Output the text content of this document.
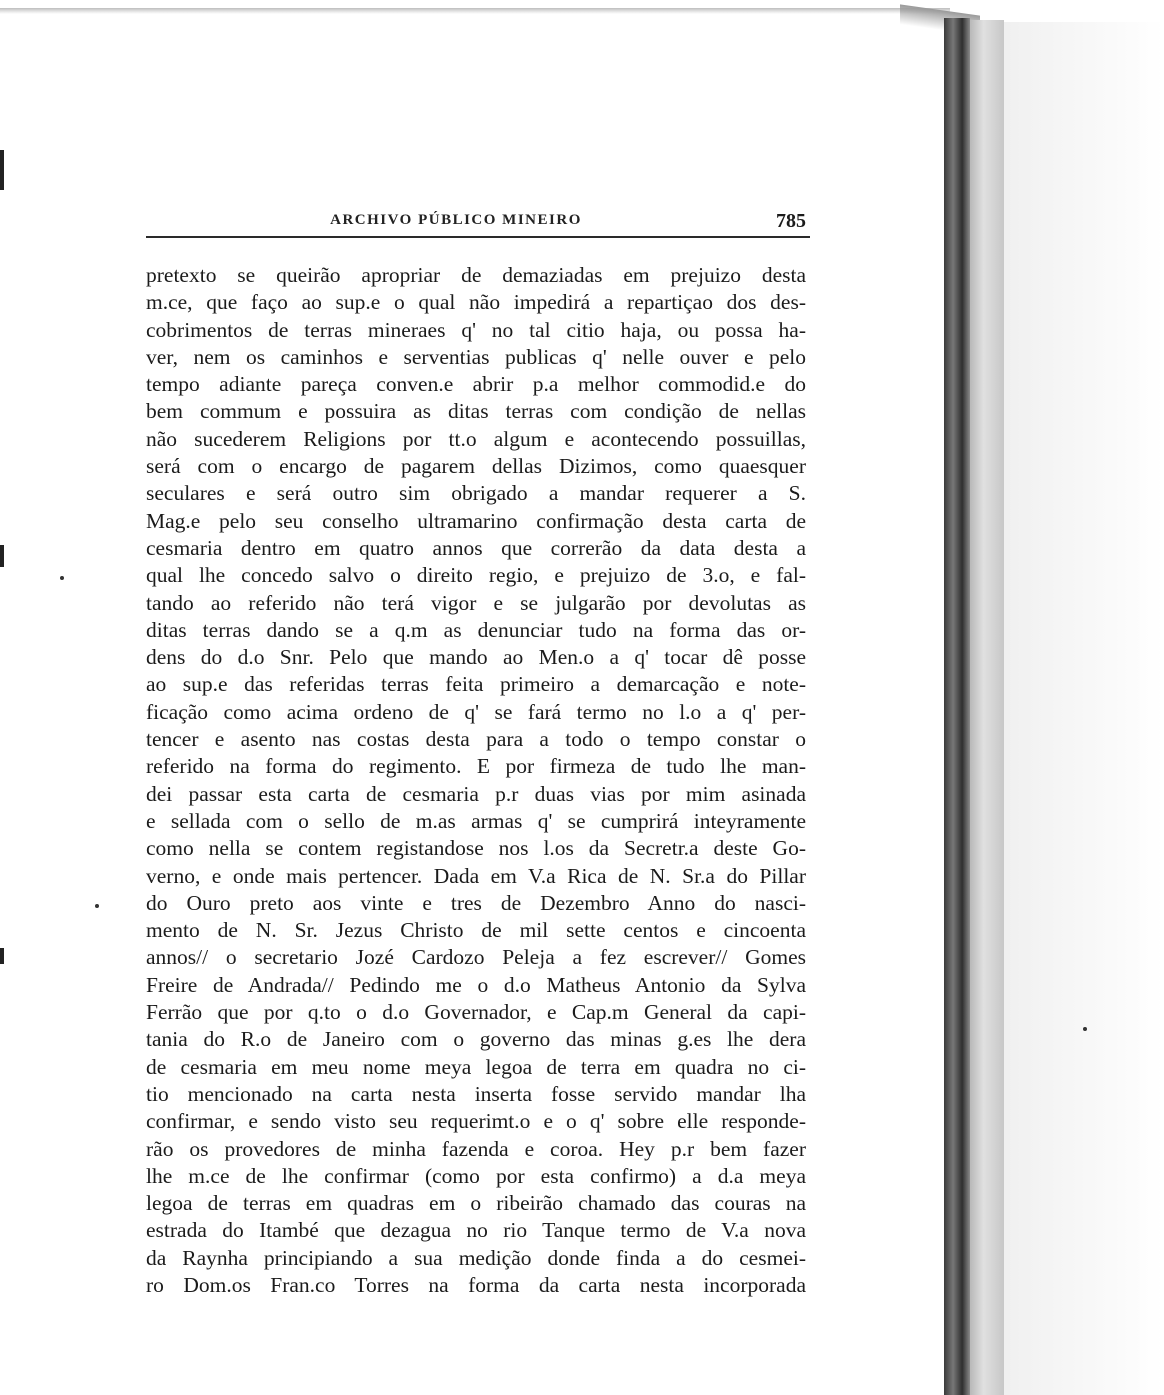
ARCHIVO PÚBLICO MINEIRO	785
pretexto se queirão apropriar de demaziadas em prejuizo desta
m.ce, que faço ao sup.e o qual não impedirá a repartiçao dos des-
cobrimentos de terras mineraes q' no tal citio haja, ou possa ha-
ver, nem os caminhos e serventias publicas q' nelle ouver e pelo
tempo adiante pareça conven.e abrir p.a melhor commodid.e do
bem commum e possuira as ditas terras com condição de nellas
não sucederem Religions por tt.o algum e acontecendo possuillas,
será com o encargo de pagarem dellas Dizimos, como quaesquer
seculares e será outro sim obrigado a mandar requerer a S.
Mag.e pelo seu conselho ultramarino confirmação desta carta de
cesmaria dentro em quatro annos que correrão da data desta a
qual lhe concedo salvo o direito regio, e prejuizo de 3.o, e fal-
tando ao referido não terá vigor e se julgarão por devolutas as
ditas terras dando se a q.m as denunciar tudo na forma das or-
dens do d.o Snr. Pelo que mando ao Men.o a q' tocar dê posse
ao sup.e das referidas terras feita primeiro a demarcação e note-
ficação como acima ordeno de q' se fará termo no l.o a q' per-
tencer e asento nas costas desta para a todo o tempo constar o
referido na forma do regimento. E por firmeza de tudo lhe man-
dei passar esta carta de cesmaria p.r duas vias por mim asinada
e sellada com o sello de m.as armas q' se cumprirá inteyramente
como nella se contem registandose nos l.os da Secretr.a deste Go-
verno, e onde mais pertencer. Dada em V.a Rica de N. Sr.a do Pillar
do Ouro preto aos vinte e tres de Dezembro Anno do nasci-
mento de N. Sr. Jezus Christo de mil sette centos e cincoenta
annos// o secretario Jozé Cardozo Peleja a fez escrever// Gomes
Freire de Andrada// Pedindo me o d.o Matheus Antonio da Sylva
Ferrão que por q.to o d.o Governador, e Cap.m General da capi-
tania do R.o de Janeiro com o governo das minas g.es lhe dera
de cesmaria em meu nome meya legoa de terra em quadra no ci-
tio mencionado na carta nesta inserta fosse servido mandar lha
confirmar, e sendo visto seu requerimt.o e o q' sobre elle responde-
rão os provedores de minha fazenda e coroa. Hey p.r bem fazer
lhe m.ce de lhe confirmar (como por esta confirmo) a d.a meya
legoa de terras em quadras em o ribeirão chamado das couras na
estrada do Itambé que dezagua no rio Tanque termo de V.a nova
da Raynha principiando a sua medição donde finda a do cesmei-
ro Dom.os Fran.co Torres na forma da carta nesta incorporada
